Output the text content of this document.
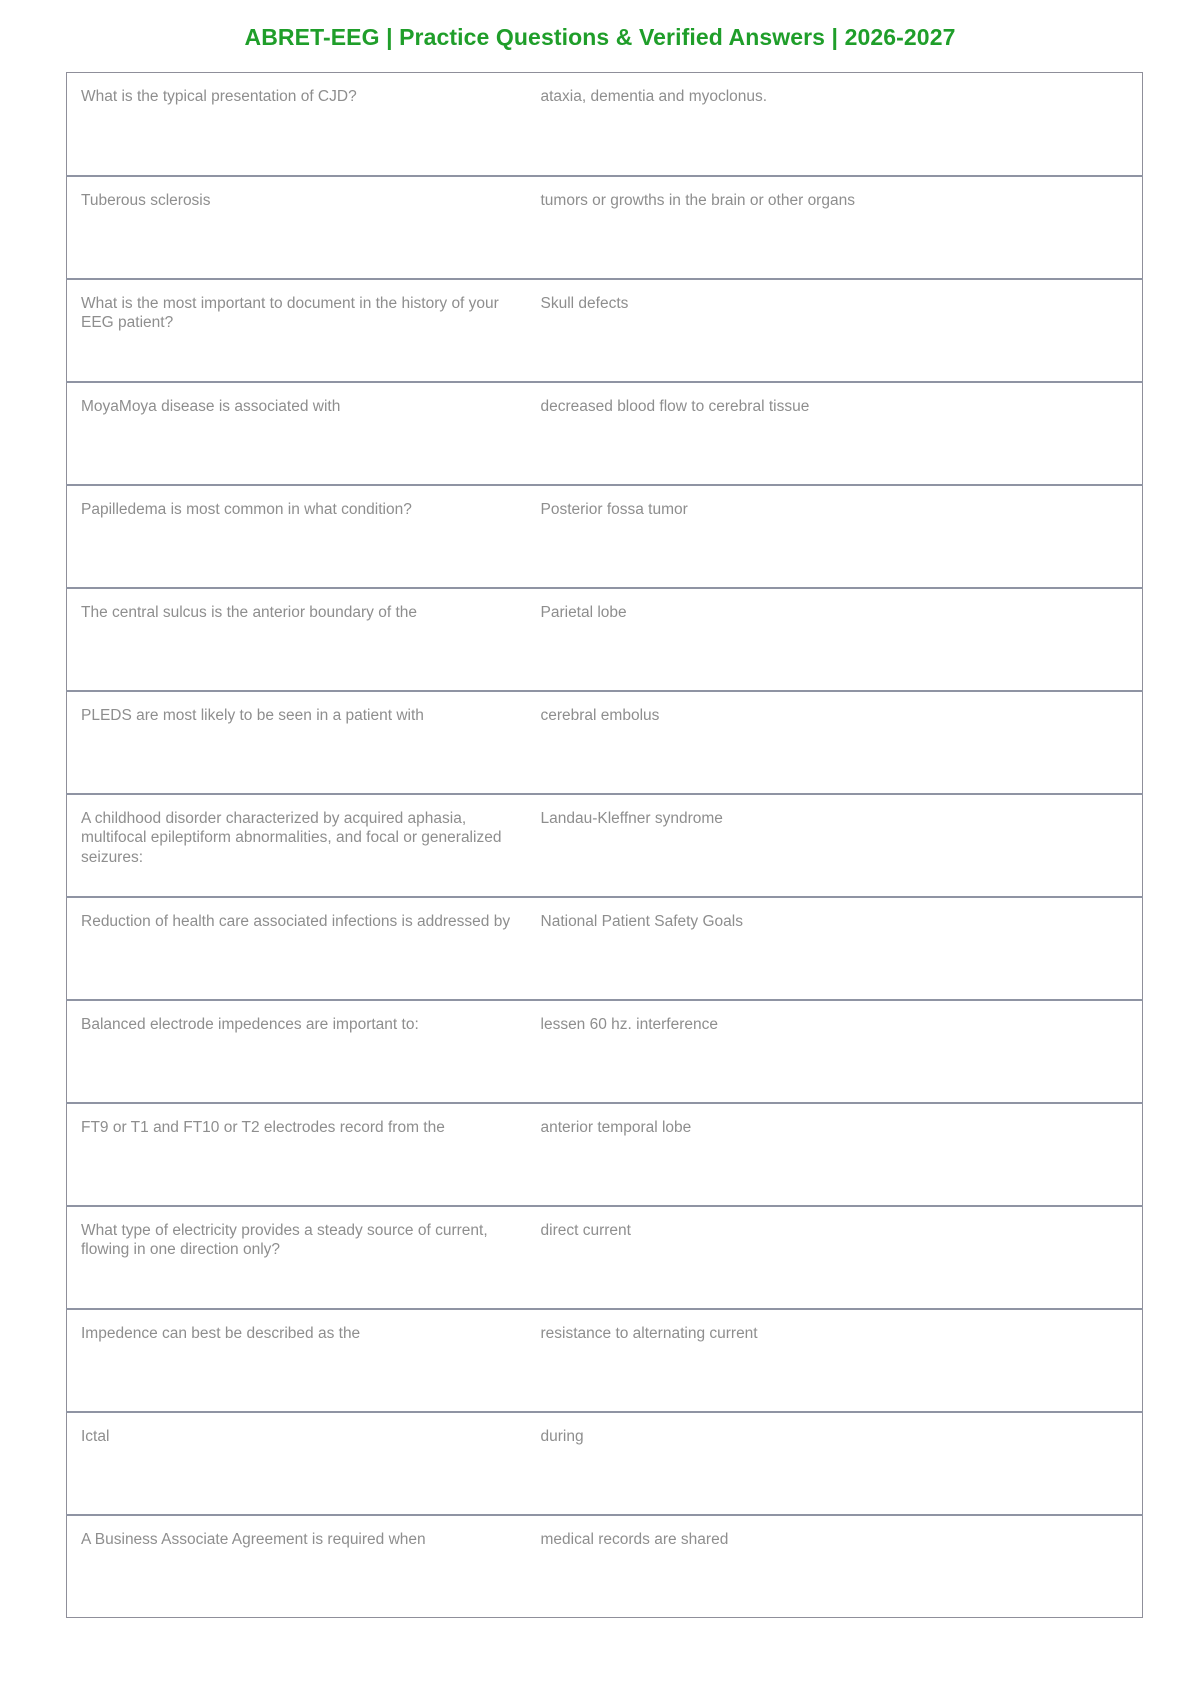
ABRET-EEG | Practice Questions & Verified Answers | 2026-2027
What is the typical presentation of CJD?	ataxia, dementia and myoclonus.
Tuberous sclerosis	tumors or growths in the brain or other organs
What is the most important to document in the history of your EEG patient?	Skull defects
MoyaMoya disease is associated with	decreased blood flow to cerebral tissue
Papilledema is most common in what condition?	Posterior fossa tumor
The central sulcus is the anterior boundary of the	Parietal lobe
PLEDS are most likely to be seen in a patient with	cerebral embolus
A childhood disorder characterized by acquired aphasia, multifocal epileptiform abnormalities, and focal or generalized seizures:	Landau-Kleffner syndrome
Reduction of health care associated infections is addressed by	National Patient Safety Goals
Balanced electrode impedences are important to:	lessen 60 hz. interference
FT9 or T1 and FT10 or T2 electrodes record from the	anterior temporal lobe
What type of electricity provides a steady source of current, flowing in one direction only?	direct current
Impedence can best be described as the	resistance to alternating current
Ictal	during
A Business Associate Agreement is required when	medical records are shared
